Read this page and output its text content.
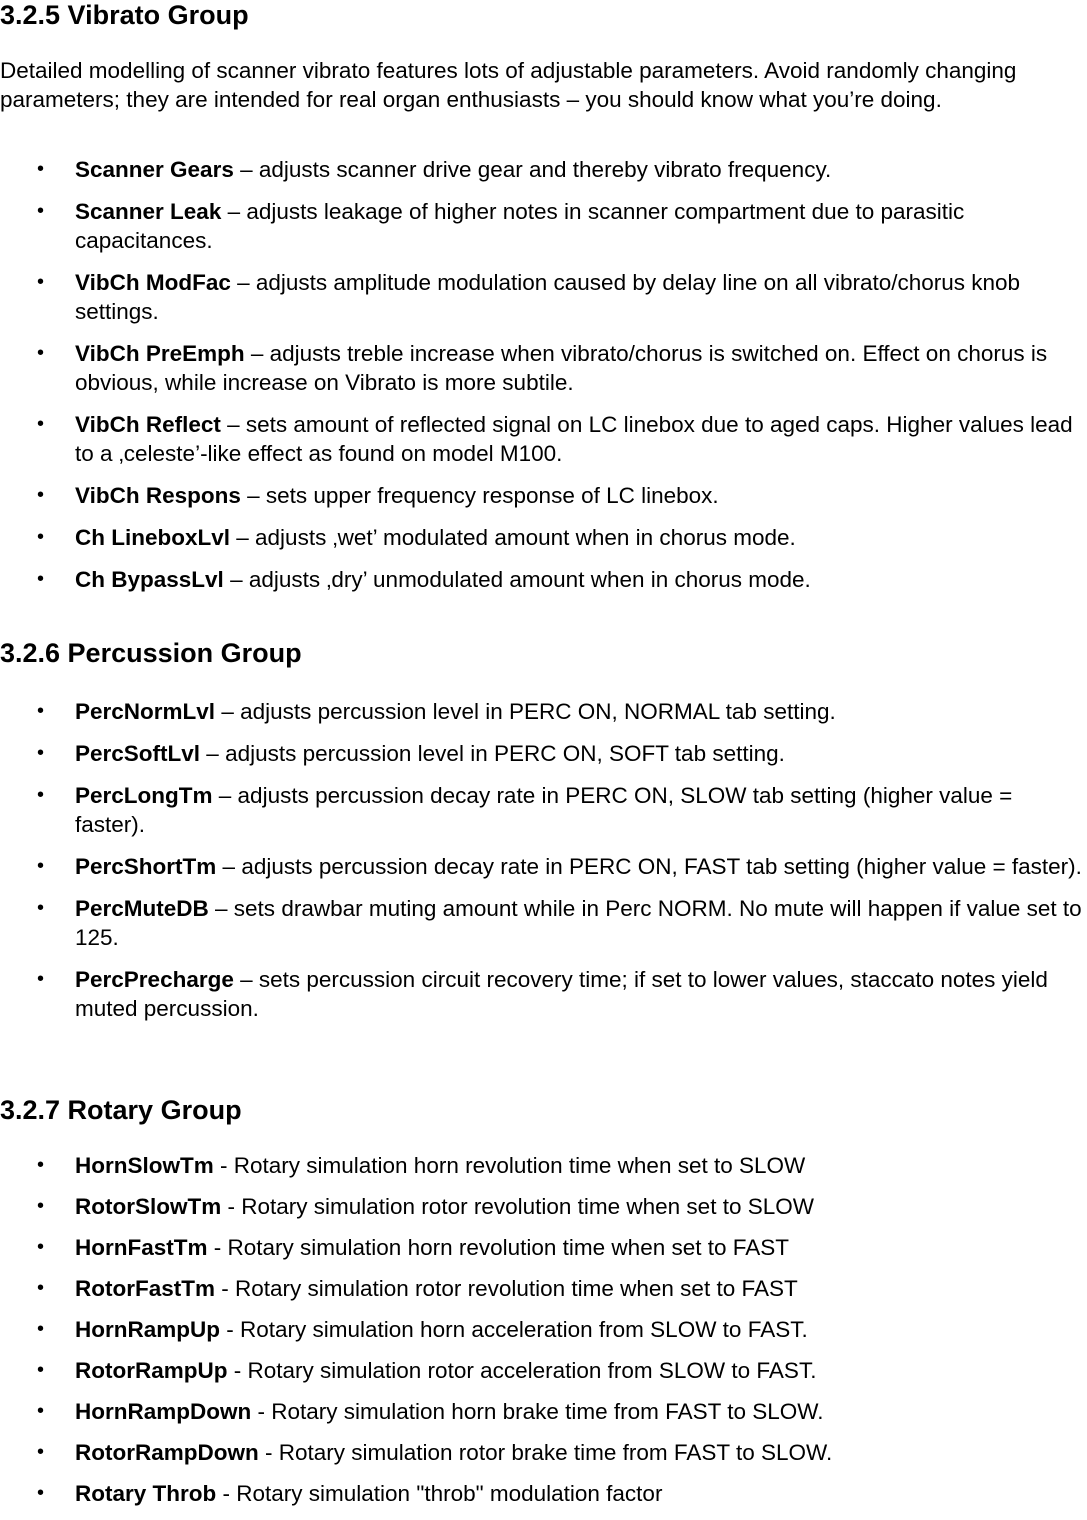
3.2.5 Vibrato Group

Detailed modelling of scanner vibrato features lots of adjustable parameters. Avoid randomly changing parameters; they are intended for real organ enthusiasts – you should know what you’re doing.

• Scanner Gears – adjusts scanner drive gear and thereby vibrato frequency.
• Scanner Leak – adjusts leakage of higher notes in scanner compartment due to parasitic capacitances.
• VibCh ModFac – adjusts amplitude modulation caused by delay line on all vibrato/chorus knob settings.
• VibCh PreEmph – adjusts treble increase when vibrato/chorus is switched on. Effect on chorus is obvious, while increase on Vibrato is more subtile.
• VibCh Reflect – sets amount of reflected signal on LC linebox due to aged caps. Higher values lead to a ‚celeste’-like effect as found on model M100.
• VibCh Respons – sets upper frequency response of LC linebox.
• Ch LineboxLvl – adjusts ‚wet’ modulated amount when in chorus mode.
• Ch BypassLvl – adjusts ‚dry’ unmodulated amount when in chorus mode.
3.2.6 Percussion Group
• PercNormLvl – adjusts percussion level in PERC ON, NORMAL tab setting.
• PercSoftLvl – adjusts percussion level in PERC ON, SOFT tab setting.
• PercLongTm – adjusts percussion decay rate in PERC ON, SLOW tab setting (higher value = faster).
• PercShortTm – adjusts percussion decay rate in PERC ON, FAST tab setting (higher value = faster).
• PercMuteDB – sets drawbar muting amount while in Perc NORM. No mute will happen if value set to 125.
• PercPrecharge – sets percussion circuit recovery time; if set to lower values, staccato notes yield muted percussion.
3.2.7 Rotary Group
• HornSlowTm - Rotary simulation horn revolution time when set to SLOW
• RotorSlowTm - Rotary simulation rotor revolution time when set to SLOW
• HornFastTm - Rotary simulation horn revolution time when set to FAST
• RotorFastTm - Rotary simulation rotor revolution time when set to FAST
• HornRampUp - Rotary simulation horn acceleration from SLOW to FAST.
• RotorRampUp - Rotary simulation rotor acceleration from SLOW to FAST.
• HornRampDown - Rotary simulation horn brake time from FAST to SLOW.
• RotorRampDown - Rotary simulation rotor brake time from FAST to SLOW.
• Rotary Throb - Rotary simulation "throb" modulation factor
